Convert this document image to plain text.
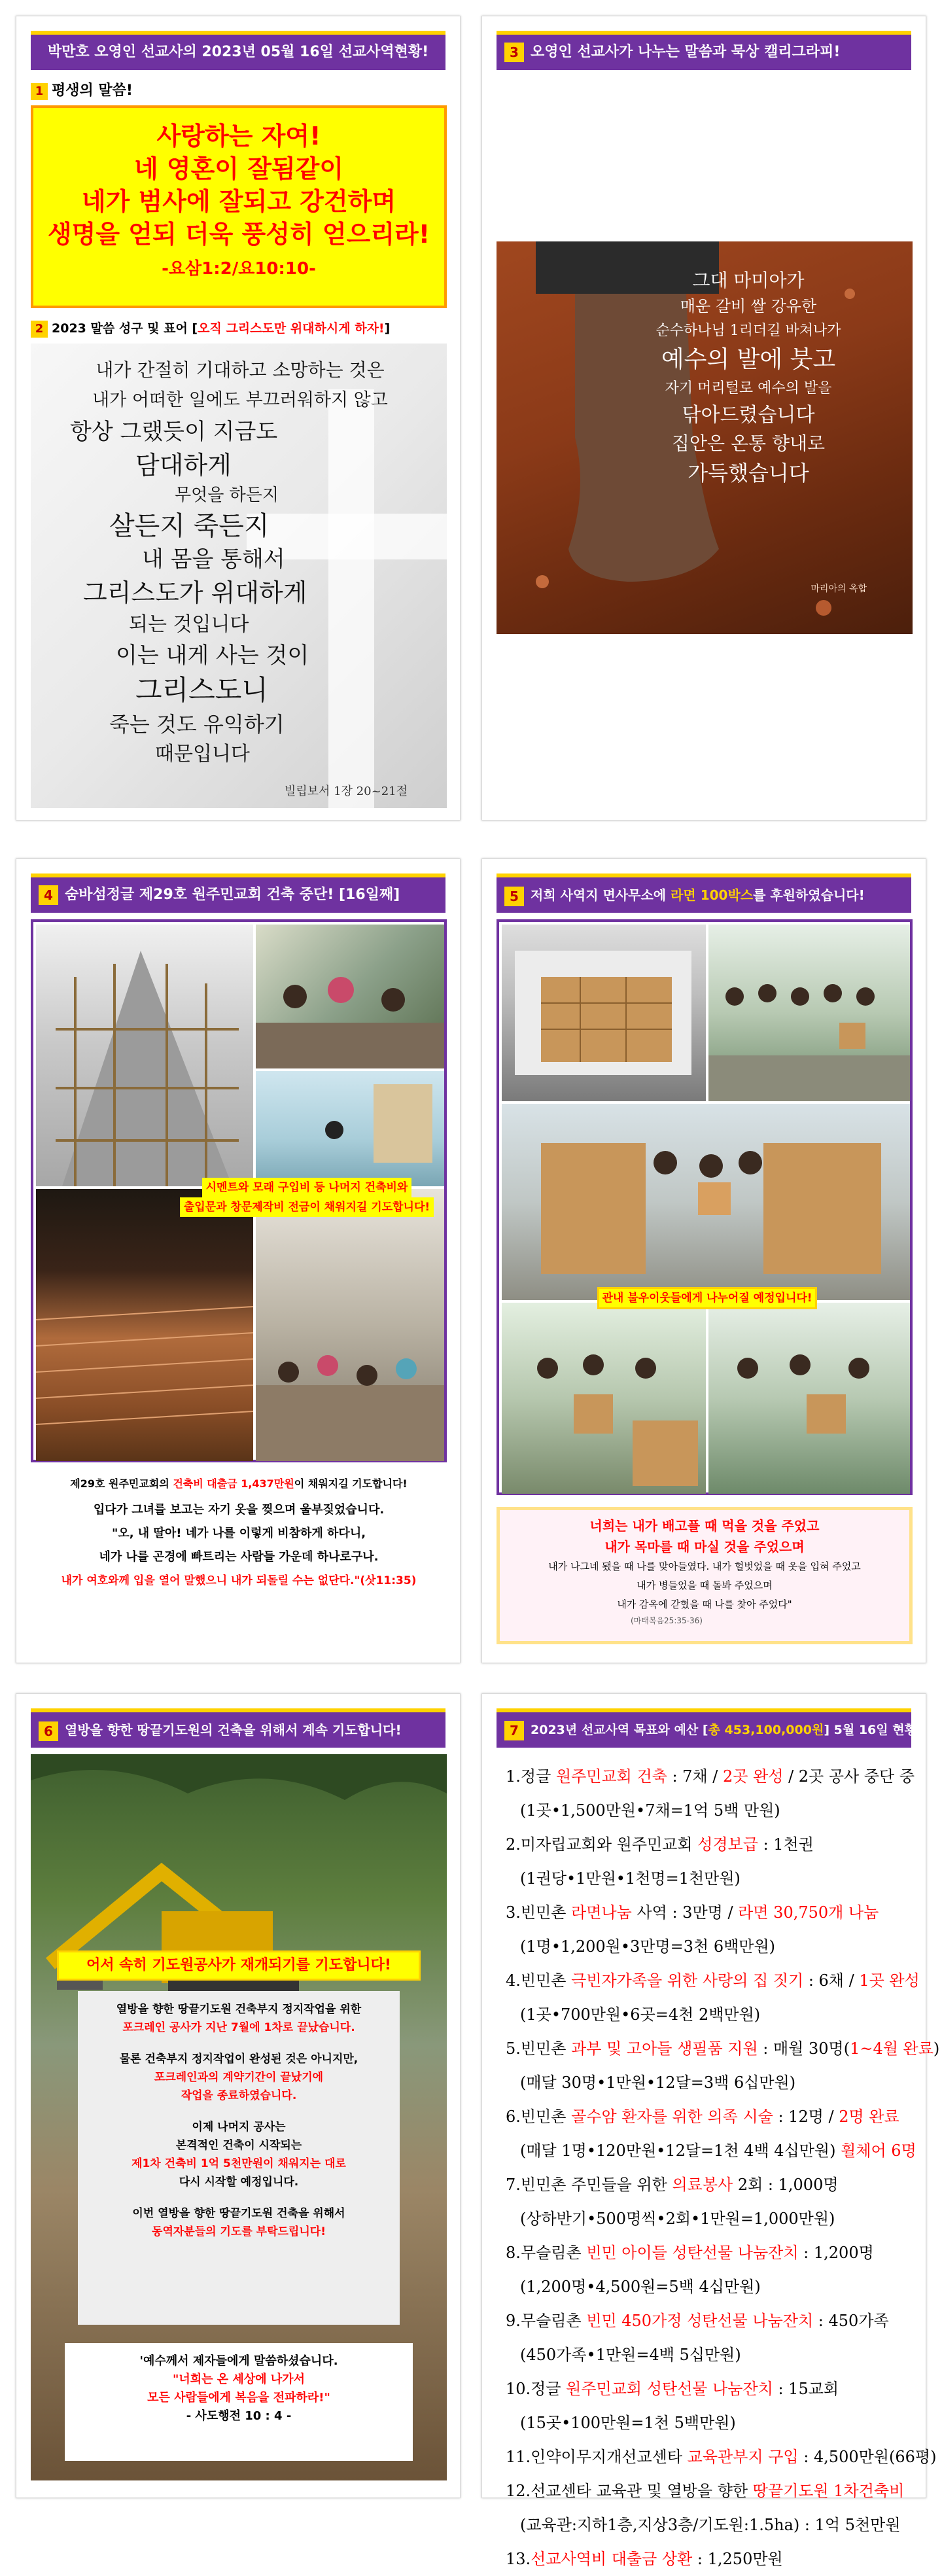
박만호 오영인 선교사의 2023년 05월 16일 선교사역현황!
1 평생의 말씀!
사랑하는 자여!
네 영혼이 잘됨같이
네가 범사에 잘되고 강건하며
생명을 얻되 더욱 풍성히 얻으리라!
-요삼1:2/요10:10-
2 2023 말씀 성구 및 표어 [오직 그리스도만 위대하시게 하자!]
내가 간절히 기대하고 소망하는 것은
내가 어떠한 일에도 부끄러워하지 않고
항상 그랬듯이 지금도
담대하게
무엇을 하든지
살든지 죽든지
내 몸을 통해서
그리스도가 위대하게
되는 것입니다
이는 내게 사는 것이
그리스도니
죽는 것도 유익하기
때문입니다
빌립보서 1장 20~21절
3 오영인 선교사가 나누는 말씀과 묵상 캘리그라피!
그대 마미아가
매운 갈비 쌀 강유한
순수하나님 1리더길 바쳐나가
예수의 발에 붓고
자기 머리털로 예수의 발을
닦아드렸습니다
집안은 온통 향내로
가득했습니다
마리아의 옥합
4 숨바섬정글 제29호 원주민교회 건축 중단! [16일째]
시멘트와 모래 구입비 등 나머지 건축비와
출입문과 창문제작비 전금이 채워지길 기도합니다!
제29호 원주민교회의 건축비 대출금 1,437만원이 채워지길 기도합니다!
입다가 그녀를 보고는 자기 옷을 찢으며 울부짖었습니다.
"오, 내 딸아! 네가 나를 이렇게 비참하게 하다니,
네가 나를 곤경에 빠트리는 사람들 가운데 하나로구나.
내가 여호와께 입을 열어 말했으니 내가 되돌릴 수는 없단다."(삿11:35)
5 저희 사역지 면사무소에 라면 100박스를 후원하였습니다!
관내 불우이웃들에게 나누어질 예정입니다!
너희는 내가 배고플 때 먹을 것을 주었고
내가 목마를 때 마실 것을 주었으며
내가 나그네 됐을 때 나를 맞아들였다. 내가 헐벗었을 때 옷을 입혀 주었고
내가 병들었을 때 돌봐 주었으며
내가 감옥에 갇혔을 때 나를 찾아 주었다"
(마태복음25:35-36)
6 열방을 향한 땅끝기도원의 건축을 위해서 계속 기도합니다!
어서 속히 기도원공사가 재개되기를 기도합니다!
열방을 향한 땅끝기도원 건축부지 정지작업을 위한
포크레인 공사가 지난 7월에 1차로 끝났습니다.
물론 건축부지 정지작업이 완성된 것은 아니지만,
포크레인과의 계약기간이 끝났기에
작업을 종료하였습니다.
이제 나머지 공사는
본격적인 건축이 시작되는
제1차 건축비 1억 5천만원이 채워지는 대로
다시 시작할 예정입니다.
이번 열방을 향한 땅끝기도원 건축을 위해서
동역자분들의 기도를 부탁드립니다!
'예수께서 제자들에게 말씀하셨습니다.
"너희는 온 세상에 나가서
모든 사람들에게 복음을 전파하라!"
- 사도행전 10 : 4 -
7 2023년 선교사역 목표와 예산 [총 453,100,000원] 5월 16일 현황
1.정글 원주민교회 건축 : 7채 / 2곳 완성 / 2곳 공사 중단 중
(1곳•1,500만원•7채=1억 5백 만원)
2.미자립교회와 원주민교회 성경보급 : 1천권
(1권당•1만원•1천명=1천만원)
3.빈민촌 라면나눔 사역 : 3만명 / 라면 30,750개 나눔
(1명•1,200원•3만명=3천 6백만원)
4.빈민촌 극빈자가족을 위한 사랑의 집 짓기 : 6채 / 1곳 완성
(1곳•700만원•6곳=4천 2백만원)
5.빈민촌 과부 및 고아들 생필품 지원 : 매월 30명(1~4월 완료)
(매달 30명•1만원•12달=3백 6십만원)
6.빈민촌 골수암 환자를 위한 의족 시술 : 12명 / 2명 완료
(매달 1명•120만원•12달=1천 4백 4십만원) 휠체어 6명
7.빈민촌 주민들을 위한 의료봉사 2회 : 1,000명
(상하반기•500명씩•2회•1만원=1,000만원)
8.무슬림촌 빈민 아이들 성탄선물 나눔잔치 : 1,200명
(1,200명•4,500원=5백 4십만원)
9.무슬림촌 빈민 450가정 성탄선물 나눔잔치 : 450가족
(450가족•1만원=4백 5십만원)
10.정글 원주민교회 성탄선물 나눔잔치 : 15교회
(15곳•100만원=1천 5백만원)
11.인약이무지개선교센타 교육관부지 구입 : 4,500만원(66평)
12.선교센타 교육관 및 열방을 향한 땅끝기도원 1차건축비
(교육관:지하1층,지상3층/기도원:1.5ha) : 1억 5천만원
13.선교사역비 대출금 상환 : 1,250만원
